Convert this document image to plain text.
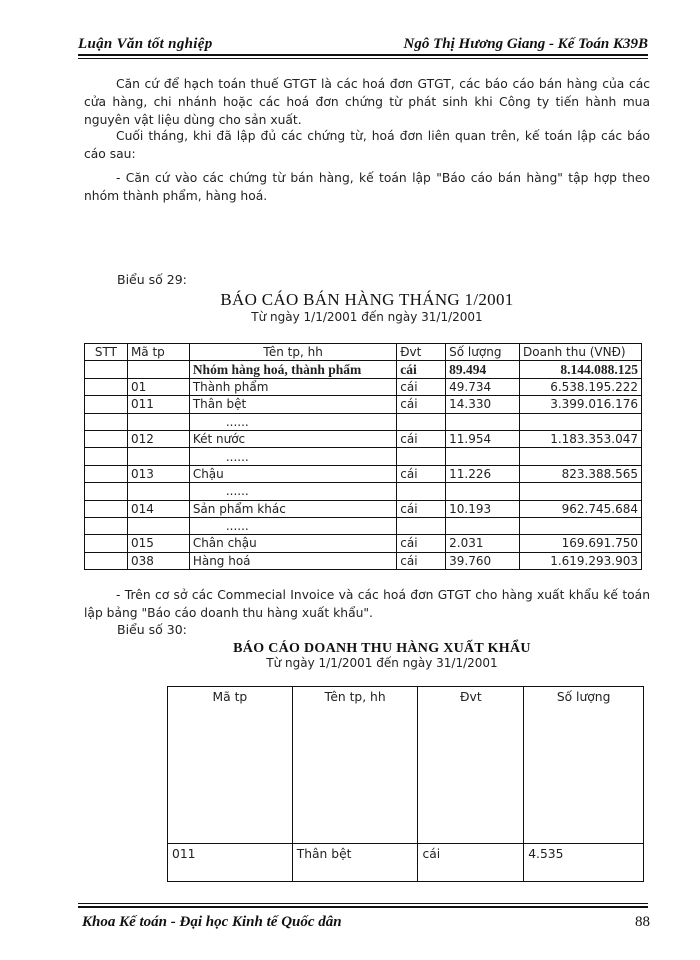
Luận Văn tốt nghiệp	Ngô Thị Hương Giang - Kế Toán K39B
Căn cứ để hạch toán thuế GTGT là các hoá đơn GTGT, các báo cáo bán hàng của các cửa hàng, chi nhánh hoặc các hoá đơn chứng từ phát sinh khi Công ty tiến hành mua nguyên vật liệu dùng cho sản xuất.
Cuối tháng, khi đã lập đủ các chứng từ, hoá đơn liên quan trên, kế toán lập các báo cáo sau:
- Căn cứ vào các chứng từ bán hàng, kế toán lập "Báo cáo bán hàng" tập hợp theo nhóm thành phẩm, hàng hoá.
Biểu số 29:
BÁO CÁO BÁN HÀNG THÁNG 1/2001
Từ ngày 1/1/2001 đến ngày 31/1/2001
STT	Mã tp	Tên tp, hh	Đvt	Số lượng	Doanh thu (VNĐ)
		Nhóm hàng hoá, thành phẩm	cái	89.494	8.144.088.125
	01	Thành phẩm	cái	49.734	6.538.195.222
	011	Thân bệt	cái	14.330	3.399.016.176
		......			
	012	Két nước	cái	11.954	1.183.353.047
		......			
	013	Chậu	cái	11.226	823.388.565
		......			
	014	Sản phẩm khác	cái	10.193	962.745.684
		......			
	015	Chân chậu	cái	2.031	169.691.750
	038	Hàng hoá	cái	39.760	1.619.293.903
- Trên cơ sở các Commecial Invoice và các hoá đơn GTGT cho hàng xuất khẩu kế toán lập bảng "Báo cáo doanh thu hàng xuất khẩu".
Biểu số 30:
BÁO CÁO DOANH THU HÀNG XUẤT KHẨU
Từ ngày 1/1/2001 đến ngày 31/1/2001
Mã tp	Tên tp, hh	Đvt	Số lượng
011	Thân bệt	cái	4.535
Khoa Kế toán - Đại học Kinh tế Quốc dân	88
